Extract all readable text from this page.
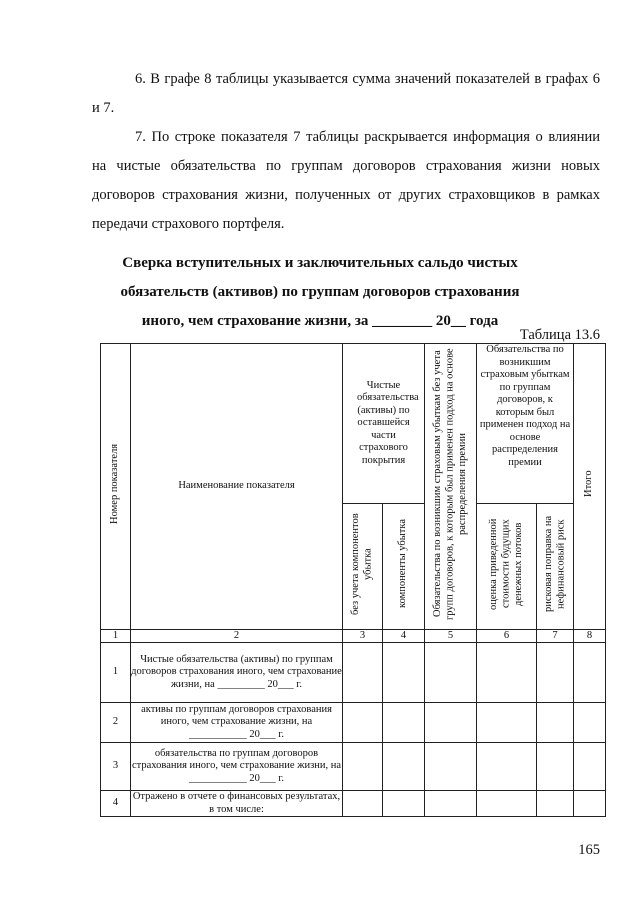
6. В графе 8 таблицы указывается сумма значений показателей в графах 6 и 7.

7. По строке показателя 7 таблицы раскрывается информация о влиянии на чистые обязательства по группам договоров страхования жизни новых договоров страхования жизни, полученных от других страховщиков в рамках передачи страхового портфеля.

Сверка вступительных и заключительных сальдо чистых обязательств (активов) по группам договоров страхования иного, чем страхование жизни, за ________ 20__ года
Таблица 13.6
Номер показателя	Наименование показателя	Чистые обязательства (активы) по оставшейся части страхового покрытия		Обязательства по возникшим страховым убыткам без учета групп договоров, к которым был применен подход на основе распределения премии	Обязательства по возникшим страховым убыткам по группам договоров, к которым был применен подход на основе распределения премии		Итого
		без учета компонентов убытка	компоненты убытка		оценка приведенной стоимости будущих денежных потоков	рисковая поправка на нефинансовый риск	
1	2	3	4	5	6	7	8
1	Чистые обязательства (активы) по группам договоров страхования иного, чем страхование жизни, на _________ 20___ г.						
2	активы по группам договоров страхования иного, чем страхование жизни, на ___________ 20___ г.						
3	обязательства по группам договоров страхования иного, чем страхование жизни, на ___________ 20___ г.						
4	Отражено в отчете о финансовых результатах, в том числе:						
165
